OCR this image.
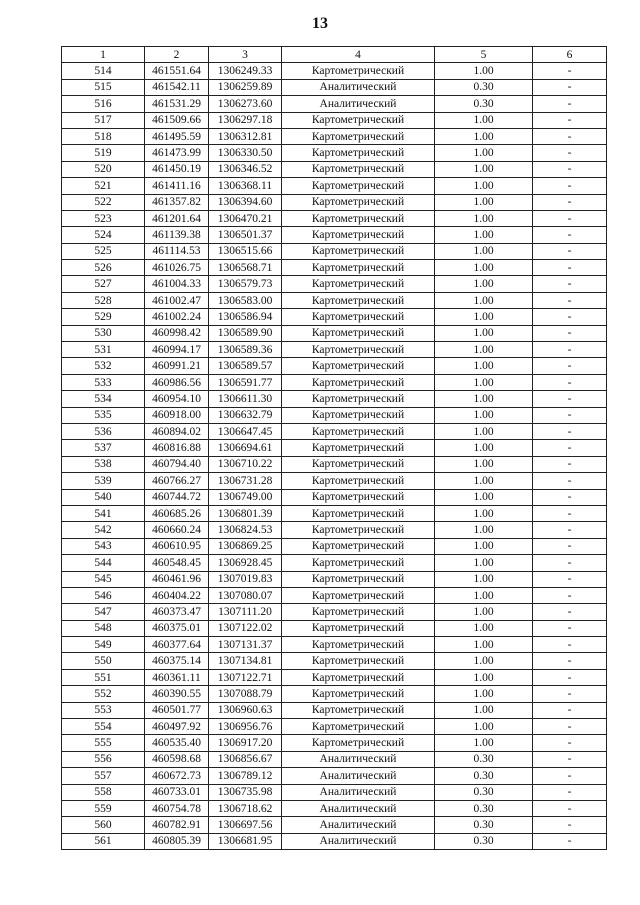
13
1	2	3	4	5	6
514	461551.64	1306249.33	Картометрический	1.00	-
515	461542.11	1306259.89	Аналитический	0.30	-
516	461531.29	1306273.60	Аналитический	0.30	-
517	461509.66	1306297.18	Картометрический	1.00	-
518	461495.59	1306312.81	Картометрический	1.00	-
519	461473.99	1306330.50	Картометрический	1.00	-
520	461450.19	1306346.52	Картометрический	1.00	-
521	461411.16	1306368.11	Картометрический	1.00	-
522	461357.82	1306394.60	Картометрический	1.00	-
523	461201.64	1306470.21	Картометрический	1.00	-
524	461139.38	1306501.37	Картометрический	1.00	-
525	461114.53	1306515.66	Картометрический	1.00	-
526	461026.75	1306568.71	Картометрический	1.00	-
527	461004.33	1306579.73	Картометрический	1.00	-
528	461002.47	1306583.00	Картометрический	1.00	-
529	461002.24	1306586.94	Картометрический	1.00	-
530	460998.42	1306589.90	Картометрический	1.00	-
531	460994.17	1306589.36	Картометрический	1.00	-
532	460991.21	1306589.57	Картометрический	1.00	-
533	460986.56	1306591.77	Картометрический	1.00	-
534	460954.10	1306611.30	Картометрический	1.00	-
535	460918.00	1306632.79	Картометрический	1.00	-
536	460894.02	1306647.45	Картометрический	1.00	-
537	460816.88	1306694.61	Картометрический	1.00	-
538	460794.40	1306710.22	Картометрический	1.00	-
539	460766.27	1306731.28	Картометрический	1.00	-
540	460744.72	1306749.00	Картометрический	1.00	-
541	460685.26	1306801.39	Картометрический	1.00	-
542	460660.24	1306824.53	Картометрический	1.00	-
543	460610.95	1306869.25	Картометрический	1.00	-
544	460548.45	1306928.45	Картометрический	1.00	-
545	460461.96	1307019.83	Картометрический	1.00	-
546	460404.22	1307080.07	Картометрический	1.00	-
547	460373.47	1307111.20	Картометрический	1.00	-
548	460375.01	1307122.02	Картометрический	1.00	-
549	460377.64	1307131.37	Картометрический	1.00	-
550	460375.14	1307134.81	Картометрический	1.00	-
551	460361.11	1307122.71	Картометрический	1.00	-
552	460390.55	1307088.79	Картометрический	1.00	-
553	460501.77	1306960.63	Картометрический	1.00	-
554	460497.92	1306956.76	Картометрический	1.00	-
555	460535.40	1306917.20	Картометрический	1.00	-
556	460598.68	1306856.67	Аналитический	0.30	-
557	460672.73	1306789.12	Аналитический	0.30	-
558	460733.01	1306735.98	Аналитический	0.30	-
559	460754.78	1306718.62	Аналитический	0.30	-
560	460782.91	1306697.56	Аналитический	0.30	-
561	460805.39	1306681.95	Аналитический	0.30	-
